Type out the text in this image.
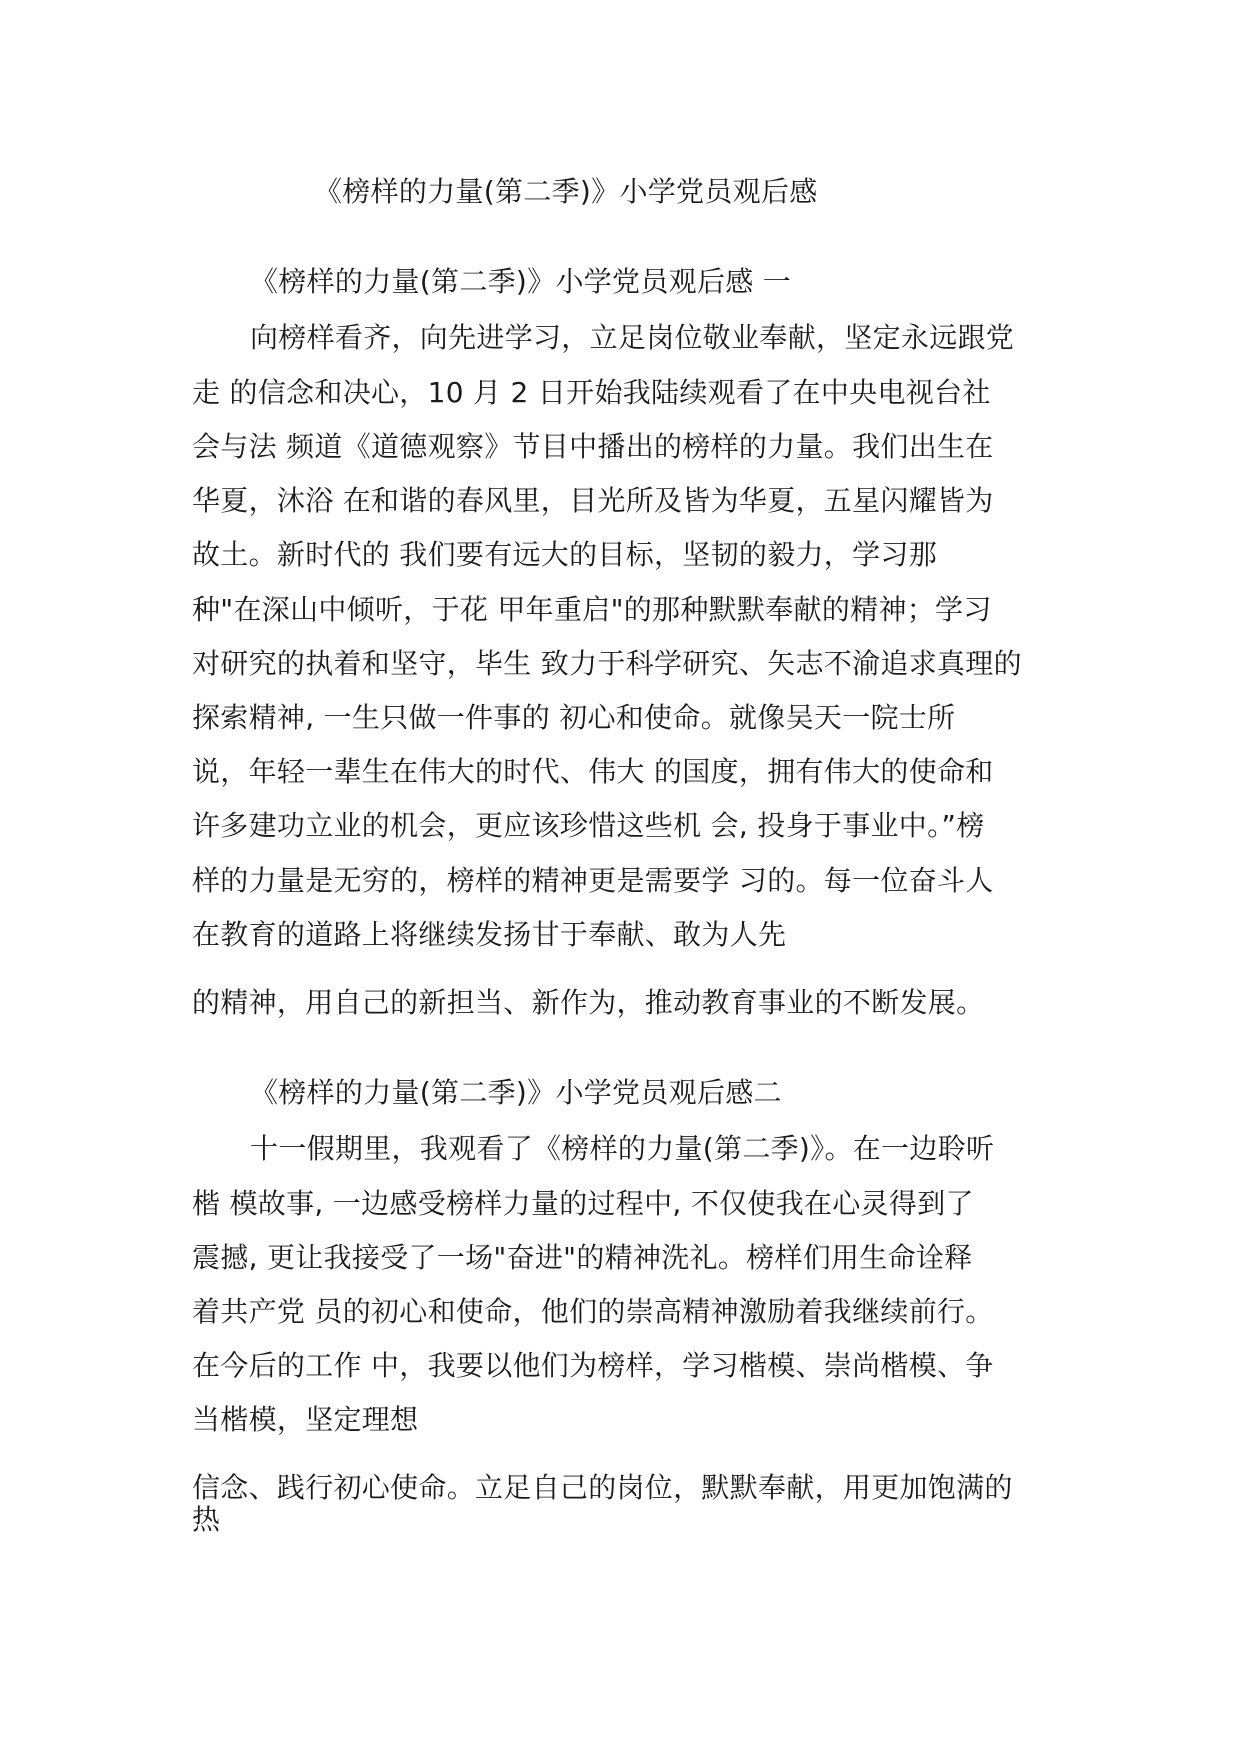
《榜样的力量(第二季)》小学党员观后感

《榜样的力量(第二季)》小学党员观后感 一

向榜样看齐，向先进学习，立足岗位敬业奉献，坚定永远跟党

走 的信念和决心，10 月 2 日开始我陆续观看了在中央电视台社

会与法 频道《道德观察》节目中播出的榜样的力量。我们出生在

华夏，沐浴 在和谐的春风里，目光所及皆为华夏，五星闪耀皆为

故土。新时代的 我们要有远大的目标，坚韧的毅力，学习那

种"在深山中倾听，于花 甲年重启"的那种默默奉献的精神；学习

对研究的执着和坚守，毕生 致力于科学研究、矢志不渝追求真理的

探索精神, 一生只做一件事的 初心和使命。就像吴天一院士所

说，年轻一辈生在伟大的时代、伟大 的国度，拥有伟大的使命和

许多建功立业的机会，更应该珍惜这些机 会, 投身于事业中。”榜

样的力量是无穷的，榜样的精神更是需要学 习的。每一位奋斗人

在教育的道路上将继续发扬甘于奉献、敢为人先

的精神，用自己的新担当、新作为，推动教育事业的不断发展。

《榜样的力量(第二季)》小学党员观后感二

十一假期里，我观看了《榜样的力量(第二季)》。在一边聆听

楷 模故事, 一边感受榜样力量的过程中, 不仅使我在心灵得到了

震撼, 更让我接受了一场"奋进"的精神洗礼。榜样们用生命诠释

着共产党 员的初心和使命，他们的崇高精神激励着我继续前行。

在今后的工作 中，我要以他们为榜样，学习楷模、崇尚楷模、争

当楷模，坚定理想

信念、践行初心使命。立足自己的岗位，默默奉献，用更加饱满的

热
